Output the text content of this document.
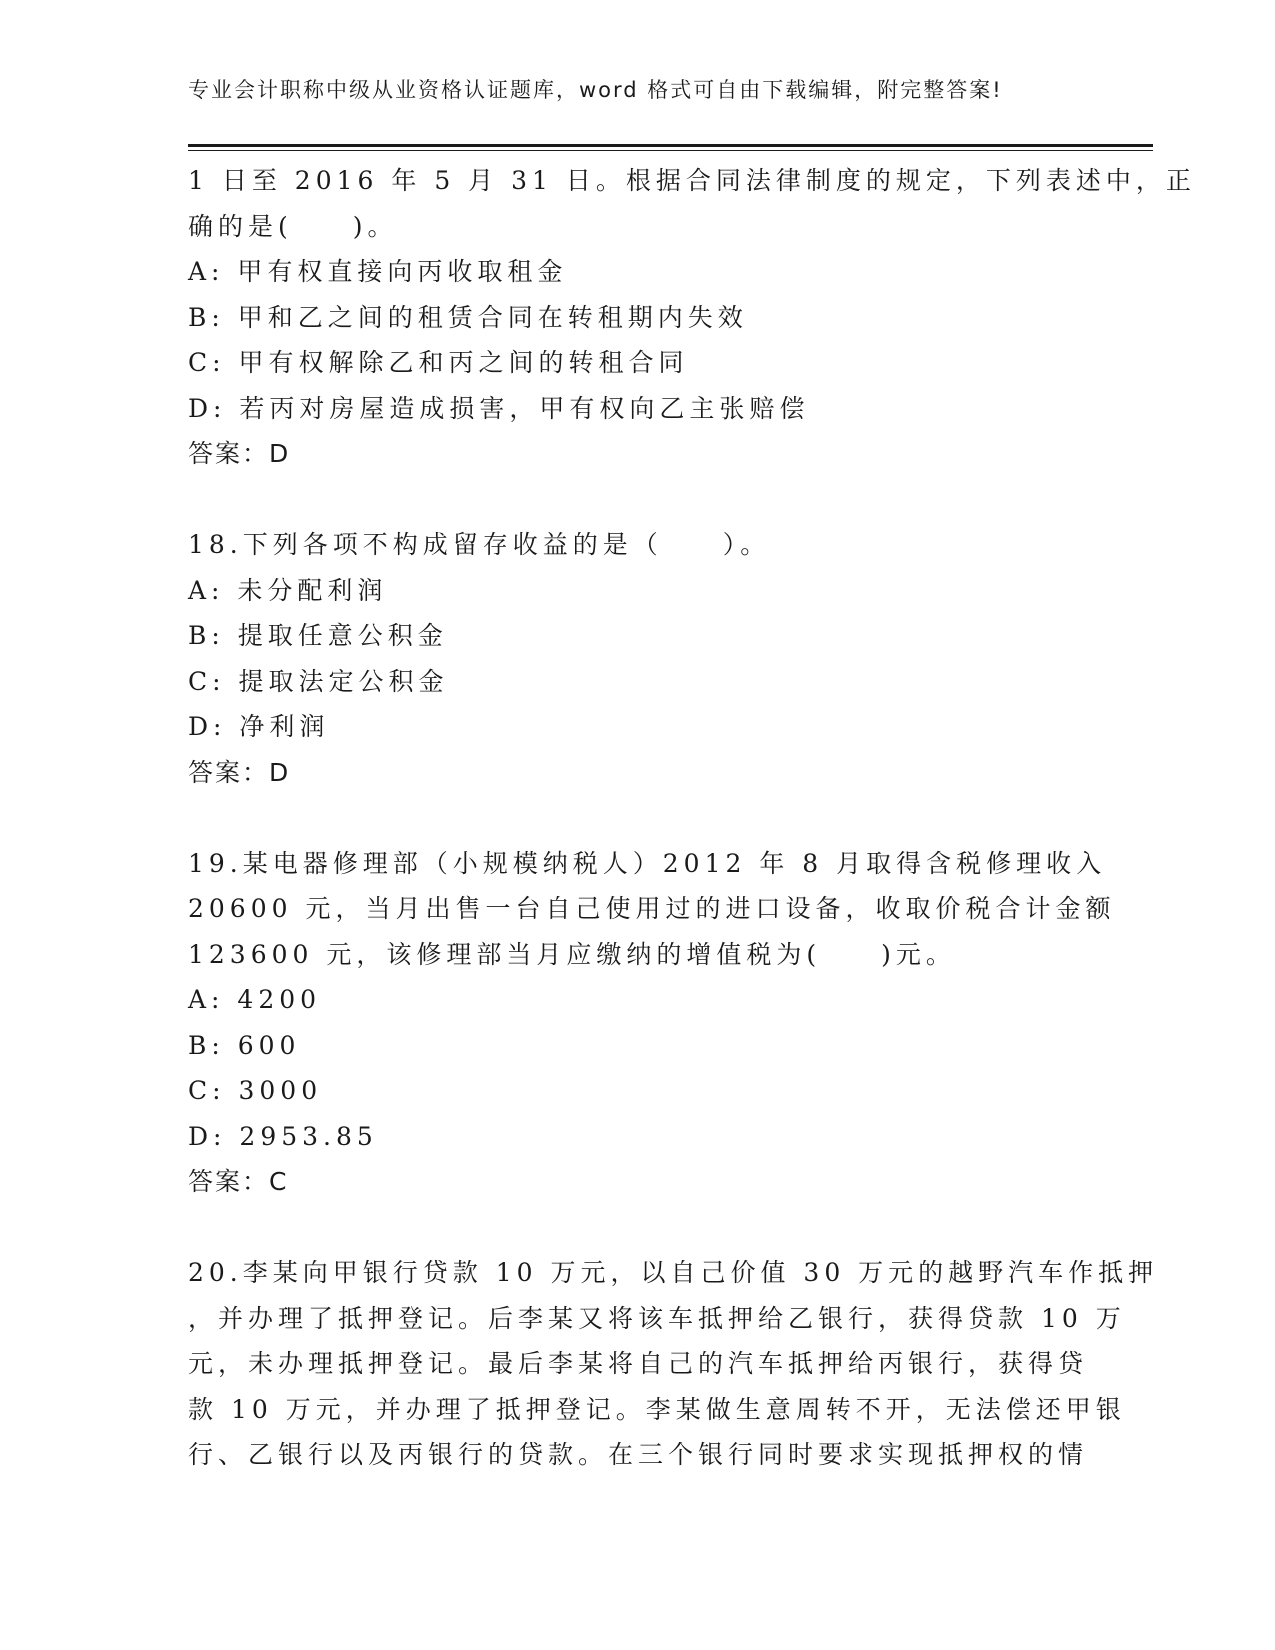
专业会计职称中级从业资格认证题库，word 格式可自由下载编辑，附完整答案!
1 日至 2016 年 5 月 31 日。根据合同法律制度的规定，下列表述中，正
确的是(　　)。
A: 甲有权直接向丙收取租金
B: 甲和乙之间的租赁合同在转租期内失效
C: 甲有权解除乙和丙之间的转租合同
D: 若丙对房屋造成损害，甲有权向乙主张赔偿
答案：D
18.下列各项不构成留存收益的是（　　）。
A: 未分配利润
B: 提取任意公积金
C: 提取法定公积金
D: 净利润
答案：D
19.某电器修理部（小规模纳税人）2012 年 8 月取得含税修理收入
20600 元，当月出售一台自己使用过的进口设备，收取价税合计金额
123600 元，该修理部当月应缴纳的增值税为(　　)元。
A: 4200
B: 600
C: 3000
D: 2953.85
答案：C
20.李某向甲银行贷款 10 万元，以自己价值 30 万元的越野汽车作抵押
，并办理了抵押登记。后李某又将该车抵押给乙银行，获得贷款 10 万
元，未办理抵押登记。最后李某将自己的汽车抵押给丙银行，获得贷
款 10 万元，并办理了抵押登记。李某做生意周转不开，无法偿还甲银
行、乙银行以及丙银行的贷款。在三个银行同时要求实现抵押权的情
